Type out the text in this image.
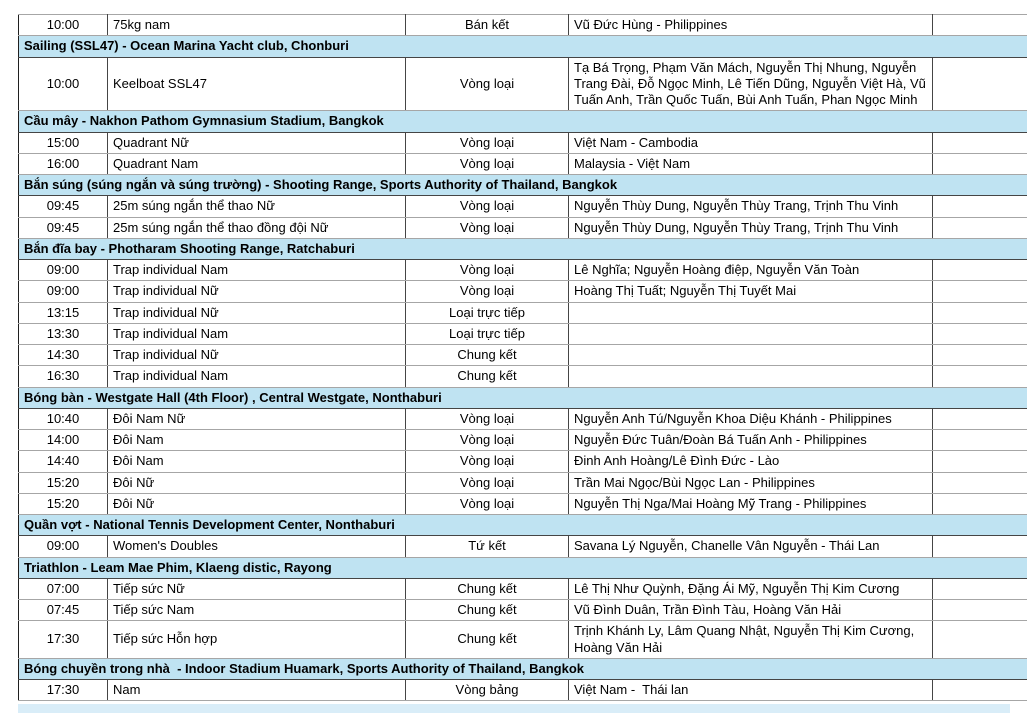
10:00	75kg nam	Bán kết	Vũ Đức Hùng - Philippines	
Sailing (SSL47) - Ocean Marina Yacht club, Chonburi				
10:00	Keelboat SSL47	Vòng loại	Tạ Bá Trọng, Phạm Văn Mách, Nguyễn Thị Nhung, Nguyễn Trang Đài, Đỗ Ngọc Minh, Lê Tiến Dũng, Nguyễn Việt Hà, Vũ Tuấn Anh, Trần Quốc Tuấn, Bùi Anh Tuấn, Phan Ngọc Minh	
Cầu mây - Nakhon Pathom Gymnasium Stadium, Bangkok				
15:00	Quadrant Nữ	Vòng loại	Việt Nam - Cambodia	
16:00	Quadrant Nam	Vòng loại	Malaysia - Việt Nam	
Bắn súng (súng ngắn và súng trường) - Shooting Range, Sports Authority of Thailand, Bangkok				
09:45	25m súng ngắn thể thao Nữ	Vòng loại	Nguyễn Thùy Dung, Nguyễn Thùy Trang, Trịnh Thu Vinh	
09:45	25m súng ngắn thể thao đồng đội Nữ	Vòng loại	Nguyễn Thùy Dung, Nguyễn Thùy Trang, Trịnh Thu Vinh	
Bắn đĩa bay - Photharam Shooting Range, Ratchaburi				
09:00	Trap individual Nam	Vòng loại	Lê Nghĩa; Nguyễn Hoàng điệp, Nguyễn Văn Toàn	
09:00	Trap individual Nữ	Vòng loại	Hoàng Thị Tuất; Nguyễn Thị Tuyết Mai	
13:15	Trap individual Nữ	Loại trực tiếp		
13:30	Trap individual Nam	Loại trực tiếp		
14:30	Trap individual Nữ	Chung kết		
16:30	Trap individual Nam	Chung kết		
Bóng bàn - Westgate Hall (4th Floor) , Central Westgate, Nonthaburi				
10:40	Đôi Nam Nữ	Vòng loại	Nguyễn Anh Tú/Nguyễn Khoa Diệu Khánh - Philippines	
14:00	Đôi Nam	Vòng loại	Nguyễn Đức Tuân/Đoàn Bá Tuấn Anh - Philippines	
14:40	Đôi Nam	Vòng loại	Đinh Anh Hoàng/Lê Đình Đức - Lào	
15:20	Đôi Nữ	Vòng loại	Trần Mai Ngọc/Bùi Ngọc Lan - Philippines	
15:20	Đôi Nữ	Vòng loại	Nguyễn Thị Nga/Mai Hoàng Mỹ Trang - Philippines	
Quần vợt - National Tennis Development Center, Nonthaburi				
09:00	Women's Doubles	Tứ kết	Savana Lý Nguyễn, Chanelle Vân Nguyễn - Thái Lan	
Triathlon - Leam Mae Phim, Klaeng distic, Rayong				
07:00	Tiếp sức Nữ	Chung kết	Lê Thị Như Quỳnh, Đặng Ái Mỹ, Nguyễn Thị Kim Cương	
07:45	Tiếp sức Nam	Chung kết	Vũ Đình Duân, Trần Đình Tàu, Hoàng Văn Hải	
17:30	Tiếp sức Hỗn hợp	Chung kết	Trịnh Khánh Ly, Lâm Quang Nhật, Nguyễn Thị Kim Cương, Hoàng Văn Hải	
Bóng chuyền trong nhà  - Indoor Stadium Huamark, Sports Authority of Thailand, Bangkok				
17:30	Nam	Vòng bảng	Việt Nam -  Thái lan	
